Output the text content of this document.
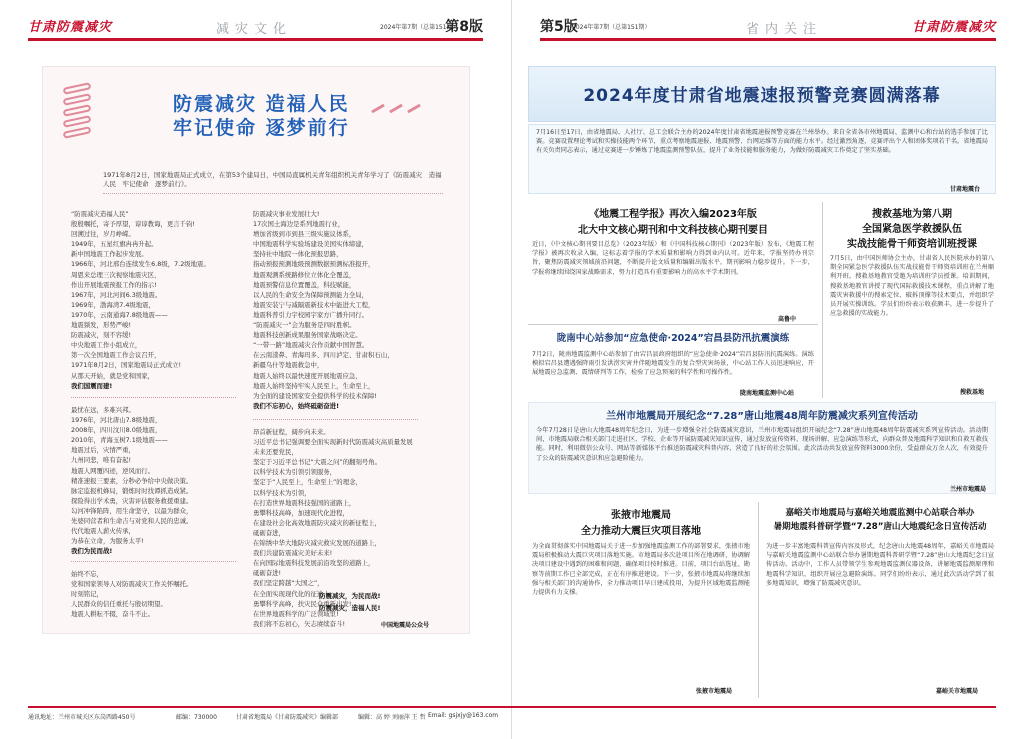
甘肃防震减灾	减灾文化	2024年第7期（总第151期）
第8版
防震减灾 造福人民
牢记使命 逐梦前行
1971年8月2日，国家地震局正式成立，在第53个建局日，中国局直属机关青年组织机关青年学习了《防震减灾　造福人民　牢记使命　逐梦前行》。
“防震减灾造福人民”
殷殷嘱托，寄予厚望，谆谆教诲，更言千钧!
回溯过往，岁月峥嵘。
1949年，五星红旗冉冉升起。
新中国地震工作起步发展。
1966年，河北邢台连续发生6.8级，7.2级地震。
周恩来总理三次视察地震灾区，
作出开展地震预报工作的指示!
1967年，河北河间6.3级地震。
1969年，渤海湾7.4级地震，
1970年，云南通海7.8级地震——
地震频发，形势严峻!
防震减灾，刻不容缓!
中央地震工作小组成立，
第一次全国地震工作会议召开，
1971年8月2日，国家地震局正式成立!
从那天开始，就是党和国家，
我们国震而建!
最忧在远，多难兴邦。
1976年，河北唐山7.8级地震，
2008年，四川汶川8.0级地震，
2010年，青海玉树7.1级地震——
地震过后，灾情严重，
九州同悲，唯有奋起!
地震人网覆四迹，逆风而行。
精准速报三要素，分秒必争给中央做决策。
脉定监报机蜂局，锻炼时时找谭抓造成紧。
探险得出学术勇，灾害评估服务救援重建。
勾河冲锋陷阵，用生命坚守，以最为群众，
先婆同营者和生命吉与对党和人民的忠诚。
代代地震人薪火传承，
为恭在立命，为服务太平!
我们为民而战!
始终不忘，
党和国家领导人对防震减灾工作关怀嘱托。
时刻铭记，
人民群众的信任重托与殷切期望。
地震人耕耘不辍，奋斗不止。
防震减灾事业发展壮大!
17次国土海边是系列地震行业，
增加省级到市到县三级实施议体系，
中国地震科学实验场建设美国实体缔建，
坚持社中地院一体化预报思路，
指动预报预测地级预测数据预测标准报开，
地震观测系统路修位立体化全覆盖，
地震预警信息位置覆盖，科技赋能，
以人民的生命安全为保障预测能力全局，
地震安装宁与减隔震新技术中能进大工程，
地震科普引力宇校园宇家方广播升同行。
“防震减灾一”会为服务是四时胜帜。
地震科技创新成果服务国家战略决定。
“一带一路”地震减灾合作贡献中国智慧。
在云南漾鼻、青海玛多、四川泸定、甘肃积石山，
新疆乌什等地震救急中，
地震人始终以最快速度开展地震应急，
地震人始终坚持牢实人民至上，生命至上，
为全面的建设国家安全提供科学的技术保障!
我们不忘初心，始终砥砺奋进!
昂首新征程，阔步向未来。
习近平总书记强调要全面实现新时代防震减灾高质量发展
未来还要党民，
坚定于习近平总书记“大震之问”的翻刻号角。
以科学技术为引领引领服务，
坚定于“人民至上，生命至上”的理念，
以科学技术为引领，
在打造世界地震科技强国的道路上，
勇攀科技高峰，加速现代化进程，
在建设社会化高效地震防灾减灾的新征程上，
砥砺奋进，
在锦绣中华大地防灾减灾救灾发展的道路上，
我们共建防震减灾美好未来!
在向国际地震科技发展前沿攻坚的道路上，
砥砺奋进!
我们坚定跨越“大国之”，
在全面实现现代化的征途上，
勇攀科学高峰，扶灾民众重新出发!
在世界地震科学的广泛领域里!
我们将不忘初心，矢志赓续奋斗!
防震减灾，为民而战!
防震减灾，造福人民!
中国地震局公众号
第5版
2024年第7期（总第151期）	省内关注	甘肃防震减灾
2024年度甘肃省地震速报预警竞赛圆满落幕
7月16日至17日，由省地震局、人社厅、总工会联合主办的2024年度甘肃省地震速报预警竞赛在兰州举办。来自全省各市州地震局、监测中心和台站的选手参加了比赛。竞赛设置理论考试和实操技能两个环节，重点考察地震速报、地震预警、台网运维等方面的能力水平。经过激烈角逐，竞赛评出个人和团体奖项若干名。省地震局有关负责同志表示，通过竞赛进一步锤炼了地震监测预警队伍，提升了业务技能和服务能力，为做好防震减灾工作奠定了坚实基础。
甘肃地震台
《地震工程学报》再次入编2023年版
北大中文核心期刊和中文科技核心期刊要目
近日，《中文核心期刊要目总览》（2023年版）和《中国科技核心期刊》（2023年版）发布，《地震工程学报》被再次收录入编，这标志着学报的学术质量和影响力得到业内认可。近年来，学报坚持办刊宗旨，聚焦防震减灾领域前沿问题，不断提升论文质量和编辑出版水平，期刊影响力稳步提升。下一步，学报将继续围绕国家战略需求，努力打造具有重要影响力的高水平学术期刊。
高鲁中
搜救基地为第八期
全国紧急医学救援队伍
实战技能骨干师资培训班授课
7月5日，由中国医师协会主办，甘肃省人民医院承办的第八期全国紧急医学救援队伍实战技能骨干师资培训班在兰州顺利开班。搜救基地教官受邀为培训班学员授课。培训期间，搜救基地教官讲授了现代国际救援技术课程，重点讲解了地震灾害救援中的搜索定位、破拆顶撑等技术要点，并组织学员开展实操训练。学员们纷纷表示收获颇丰，进一步提升了应急救援的实战能力。
搜救基地
陇南中心站参加“应急使命·2024”宕昌县防汛抗震演练
7月2日，陇南地震监测中心站参加了由宕昌县政府组织的“应急使命·2024”宕昌县防汛抗震演练。演练模拟宕昌县遭遇强降雨引发洪涝灾害并伴随地震发生的复合型灾害场景，中心站工作人员迅速响应，开展地震应急监测、震情研判等工作，检验了应急预案的科学性和可操作性。
陇南地震监测中心站
兰州市地震局开展纪念“7.28”唐山地震48周年防震减灾系列宣传活动
今年7月28日是唐山大地震48周年纪念日，为进一步增强全社会防震减灾意识，兰州市地震局组织开展纪念“7.28”唐山地震48周年防震减灾系列宣传活动。活动期间，市地震局联合相关部门走进社区、学校、企业等开展防震减灾知识宣传，通过发放宣传资料、现场讲解、应急演练等形式，向群众普及地震科学知识和自救互救技能。同时，利用微信公众号、网站等新媒体平台推送防震减灾科普内容，营造了良好的社会氛围。此次活动共发放宣传资料3000余份，受益群众万余人次，有效提升了公众的防震减灾意识和应急避险能力。
兰州市地震局
张掖市地震局
全力推动大震巨灾项目落地
为全面贯彻落实中国地震局关于进一步加强地震监测工作的部署要求，张掖市地震局积极推动大震巨灾项目落地实施。市地震局多次赴项目所在地调研，协调解决项目建设中遇到的困难和问题，确保项目按时推进。目前，项目台站选址、勘察等前期工作已全部完成，正在有序推进建设。下一步，张掖市地震局将继续加强与相关部门的沟通协作，全力推动项目早日建成投用，为提升区域地震监测能力提供有力支撑。
张掖市地震局
嘉峪关市地震局与嘉峪关地震监测中心站联合举办
暑期地震科普研学暨“7.28”唐山大地震纪念日宣传活动
为进一步丰富地震科普宣传内容及形式，纪念唐山大地震48周年，嘉峪关市地震局与嘉峪关地震监测中心站联合举办暑期地震科普研学暨“7.28”唐山大地震纪念日宣传活动。活动中，工作人员带领学生参观地震监测仪器设备，讲解地震监测原理和地震科学知识，组织开展应急避险演练。同学们纷纷表示，通过此次活动学到了很多地震知识，增强了防震减灾意识。
嘉峪关市地震局
通讯地址：兰州市城关区东岗西路450号	邮编：730000	甘肃省地震局《甘肃防震减灾》编辑部	编辑：高 婷 刘丽萍 王 哲 Email: gsjxjy@163.com
